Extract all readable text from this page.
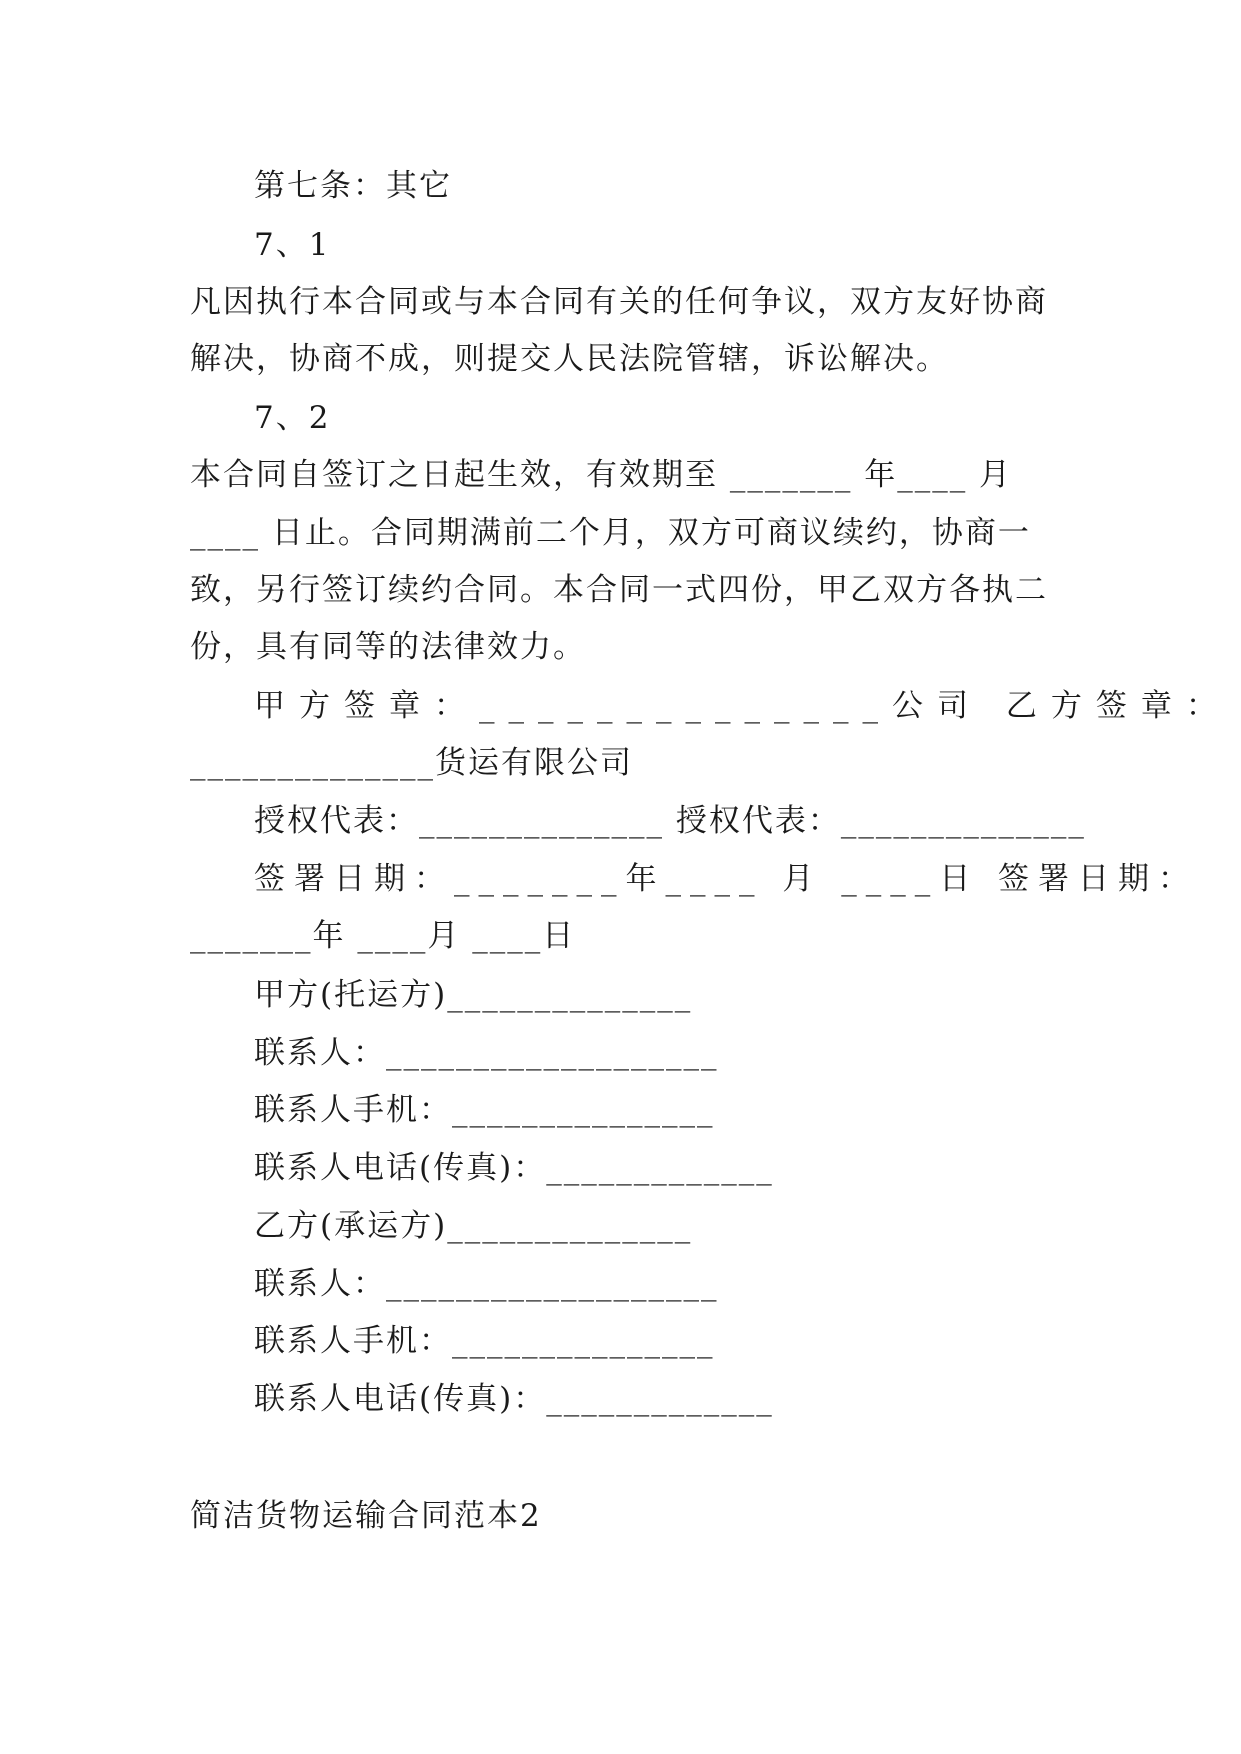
第七条：其它
7、1
凡因执行本合同或与本合同有关的任何争议，双方友好协商
解决，协商不成，则提交人民法院管辖，诉讼解决。
7、2
本合同自签订之日起生效，有效期至 _______ 年____ 月
____ 日止。合同期满前二个月，双方可商议续约，协商一
致，另行签订续约合同。本合同一式四份，甲乙双方各执二
份，具有同等的法律效力。
甲方签章：______________公司 乙方签章：
______________货运有限公司
授权代表：______________ 授权代表：______________
签署日期：_______年____ 月 ____日 签署日期：
_______年 ____月 ____日
甲方(托运方)______________
联系人：___________________
联系人手机：_______________
联系人电话(传真)：_____________
乙方(承运方)______________
联系人：___________________
联系人手机：_______________
联系人电话(传真)：_____________
简洁货物运输合同范本2
